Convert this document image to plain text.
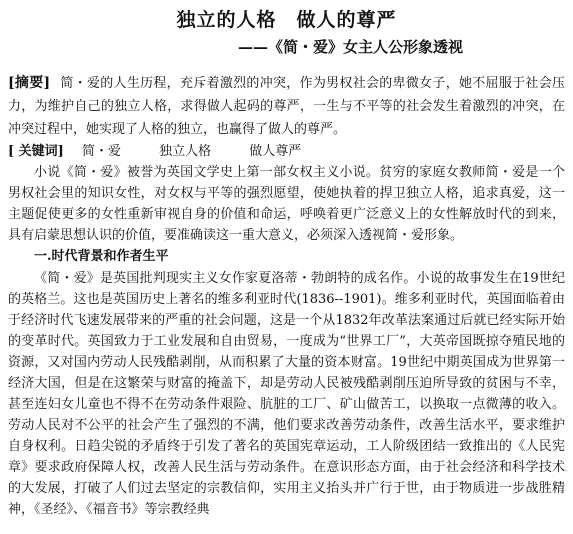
独立的人格　做人的尊严
——《简・爱》女主人公形象透视
[摘要] 简・爱的人生历程，充斥着激烈的冲突，作为男权社会的卑微女子，她不屈服于社会压力，为维护自己的独立人格，求得做人起码的尊严，一生与不平等的社会发生着激烈的冲突，在冲突过程中，她实现了人格的独立，也赢得了做人的尊严。
[ 关键词] 简・爱	独立人格	做人尊严

小说《简・爱》被誉为英国文学史上第一部女权主义小说。贫穷的家庭女教师简・爱是一个男权社会里的知识女性，对女权与平等的强烈愿望，使她执着的捍卫独立人格，追求真爱，这一主题促使更多的女性重新审视自身的价值和命运，呼唤着更广泛意义上的女性解放时代的到来，具有启蒙思想认识的价值，要准确读这一重大意义，必须深入透视简・爱形象。

一.时代背景和作者生平

《简・爱》是英国批判现实主义女作家夏洛蒂・勃朗特的成名作。小说的故事发生在19世纪的英格兰。这也是英国历史上著名的维多利亚时代(1836--1901)。维多利亚时代，英国面临着由于经济时代飞速发展带来的严重的社会问题，这是一个从1832年改革法案通过后就已经实际开始的变革时代。英国致力于工业发展和自由贸易，一度成为“世界工厂”，大英帝国既掠夺殖民地的资源，又对国内劳动人民残酷剥削，从而积累了大量的资本财富。19世纪中期英国成为世界第一经济大国，但是在这繁荣与财富的掩盖下，却是劳动人民被残酷剥削压迫所导致的贫困与不幸，甚至连妇女儿童也不得不在劳动条件艰险、肮脏的工厂、矿山做苦工，以换取一点微薄的收入。劳动人民对不公平的社会产生了强烈的不满，他们要求改善劳动条件，改善生活水平，要求维护自身权利。日趋尖锐的矛盾终于引发了著名的英国宪章运动，工人阶级团结一致推出的《人民宪章》要求政府保障人权，改善人民生活与劳动条件。在意识形态方面，由于社会经济和科学技术的大发展，打破了人们过去坚定的宗教信仰，实用主义抬头并广行于世，由于物质进一步战胜精神，《圣经》、《福音书》等宗教经典
